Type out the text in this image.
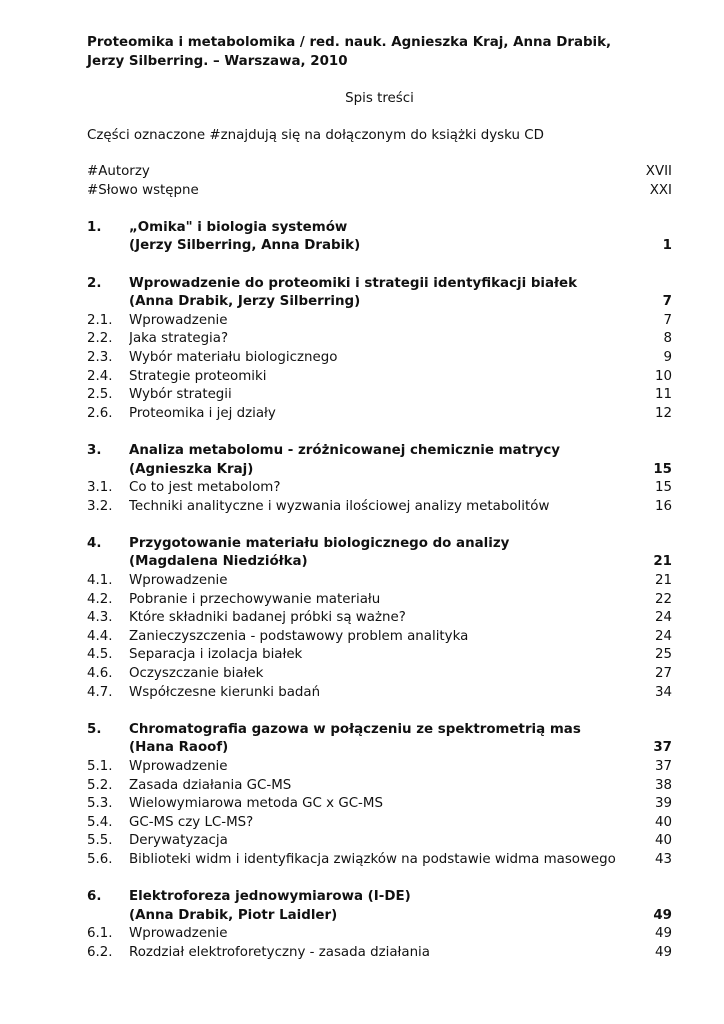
Proteomika i metabolomika / red. nauk. Agnieszka Kraj, Anna Drabik,
Jerzy Silberring. – Warszawa, 2010
Spis treści
Części oznaczone #znajdują się na dołączonym do książki dysku CD
#Autorzy	XVII
#Słowo wstępne	XXI
1.	„Omika" i biologia systemów
(Jerzy Silberring, Anna Drabik)	1
2.	Wprowadzenie do proteomiki i strategii identyfikacji białek
(Anna Drabik, Jerzy Silberring)	7
2.1.	Wprowadzenie	7
2.2.	Jaka strategia?	8
2.3.	Wybór materiału biologicznego	9
2.4.	Strategie proteomiki	10
2.5.	Wybór strategii	11
2.6.	Proteomika i jej działy	12
3.	Analiza metabolomu - zróżnicowanej chemicznie matrycy
(Agnieszka Kraj)	15
3.1.	Co to jest metabolom?	15
3.2.	Techniki analityczne i wyzwania ilościowej analizy metabolitów	16
4.	Przygotowanie materiału biologicznego do analizy
(Magdalena Niedziółka)	21
4.1.	Wprowadzenie	21
4.2.	Pobranie i przechowywanie materiału	22
4.3.	Które składniki badanej próbki są ważne?	24
4.4.	Zanieczyszczenia - podstawowy problem analityka	24
4.5.	Separacja i izolacja białek	25
4.6.	Oczyszczanie białek	27
4.7.	Współczesne kierunki badań	34
5.	Chromatografia gazowa w połączeniu ze spektrometrią mas
(Hana Raoof)	37
5.1.	Wprowadzenie	37
5.2.	Zasada działania GC-MS	38
5.3.	Wielowymiarowa metoda GC x GC-MS	39
5.4.	GC-MS czy LC-MS?	40
5.5.	Derywatyzacja	40
5.6.	Biblioteki widm i identyfikacja związków na podstawie widma masowego	43
6.	Elektroforeza jednowymiarowa (I-DE)
(Anna Drabik, Piotr Laidler)	49
6.1.	Wprowadzenie	49
6.2.	Rozdział elektroforetyczny - zasada działania	49
